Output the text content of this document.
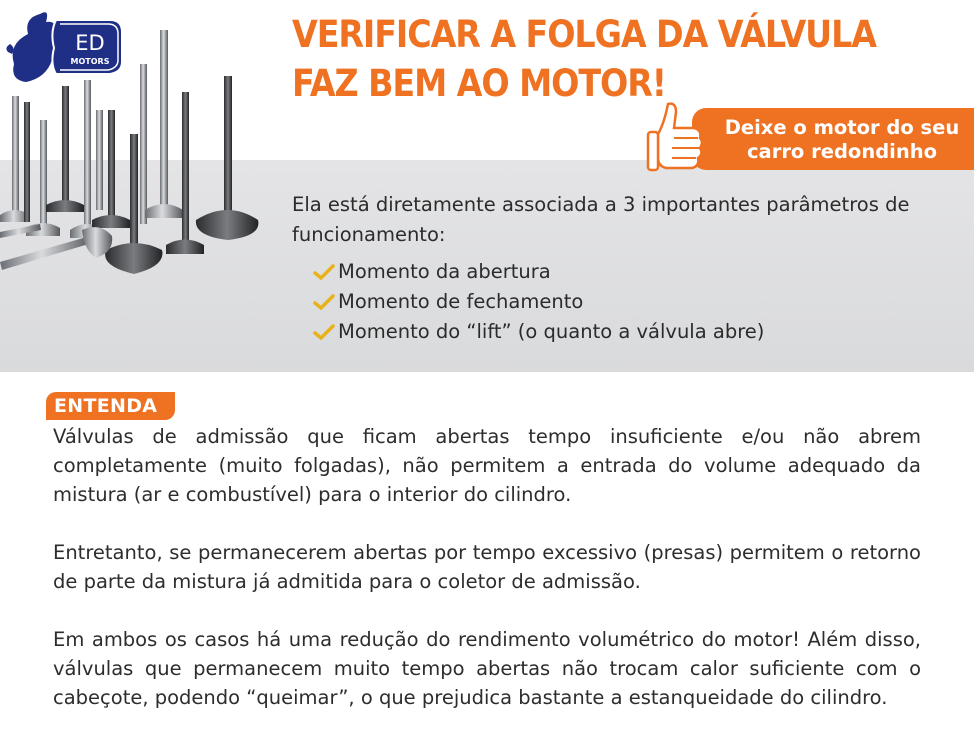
ED
MOTORS
VERIFICAR A FOLGA DA VÁLVULA
FAZ BEM AO MOTOR!
Deixe o motor do seu
carro redondinho
Ela está diretamente associada a 3 importantes parâmetros de funcionamento:
Momento da abertura
Momento de fechamento
Momento do “lift” (o quanto a válvula abre)
ENTENDA

Válvulas de admissão que ficam abertas tempo insuficiente e/ou não abrem completamente (muito folgadas), não permitem a entrada do volume adequado da mistura (ar e combustível) para o interior do cilindro.

Entretanto, se permanecerem abertas por tempo excessivo (presas) permitem o retorno de parte da mistura já admitida para o coletor de admissão.

Em ambos os casos há uma redução do rendimento volumétrico do motor! Além disso, válvulas que permanecem muito tempo abertas não trocam calor suficiente com o cabeçote, podendo “queimar”, o que prejudica bastante a estanqueidade do cilindro.
